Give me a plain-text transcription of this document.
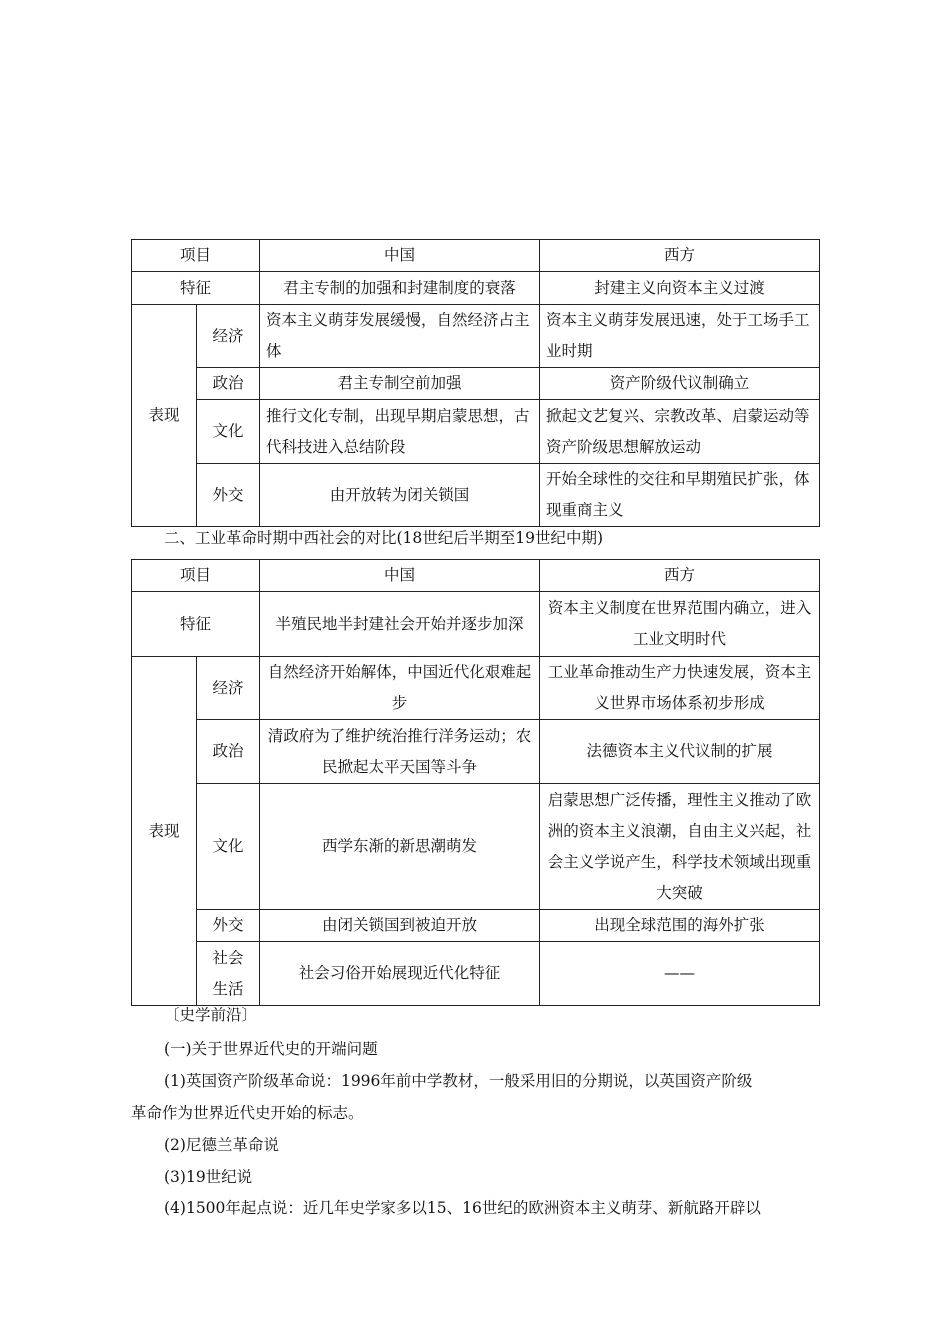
项目		中国	西方
特征		君主专制的加强和封建制度的衰落	封建主义向资本主义过渡
表现	经济	资本主义萌芽发展缓慢，自然经济占主体	资本主义萌芽发展迅速，处于工场手工业时期
	政治	君主专制空前加强	资产阶级代议制确立
	文化	推行文化专制，出现早期启蒙思想，古代科技进入总结阶段	掀起文艺复兴、宗教改革、启蒙运动等资产阶级思想解放运动
	外交	由开放转为闭关锁国	开始全球性的交往和早期殖民扩张，体现重商主义
二、工业革命时期中西社会的对比(18世纪后半期至19世纪中期)
项目		中国	西方
特征		半殖民地半封建社会开始并逐步加深	资本主义制度在世界范围内确立，进入工业文明时代
表现	经济	自然经济开始解体，中国近代化艰难起步	工业革命推动生产力快速发展，资本主义世界市场体系初步形成
	政治	清政府为了维护统治推行洋务运动；农民掀起太平天国等斗争	法德资本主义代议制的扩展
	文化	西学东渐的新思潮萌发	启蒙思想广泛传播，理性主义推动了欧洲的资本主义浪潮，自由主义兴起，社会主义学说产生，科学技术领域出现重大突破
	外交	由闭关锁国到被迫开放	出现全球范围的海外扩张
	社会生活	社会习俗开始展现近代化特征	——
〔史学前沿〕
(一)关于世界近代史的开端问题
(1)英国资产阶级革命说：1996年前中学教材，一般采用旧的分期说，以英国资产阶级
革命作为世界近代史开始的标志。
(2)尼德兰革命说
(3)19世纪说
(4)1500年起点说：近几年史学家多以15、16世纪的欧洲资本主义萌芽、新航路开辟以
